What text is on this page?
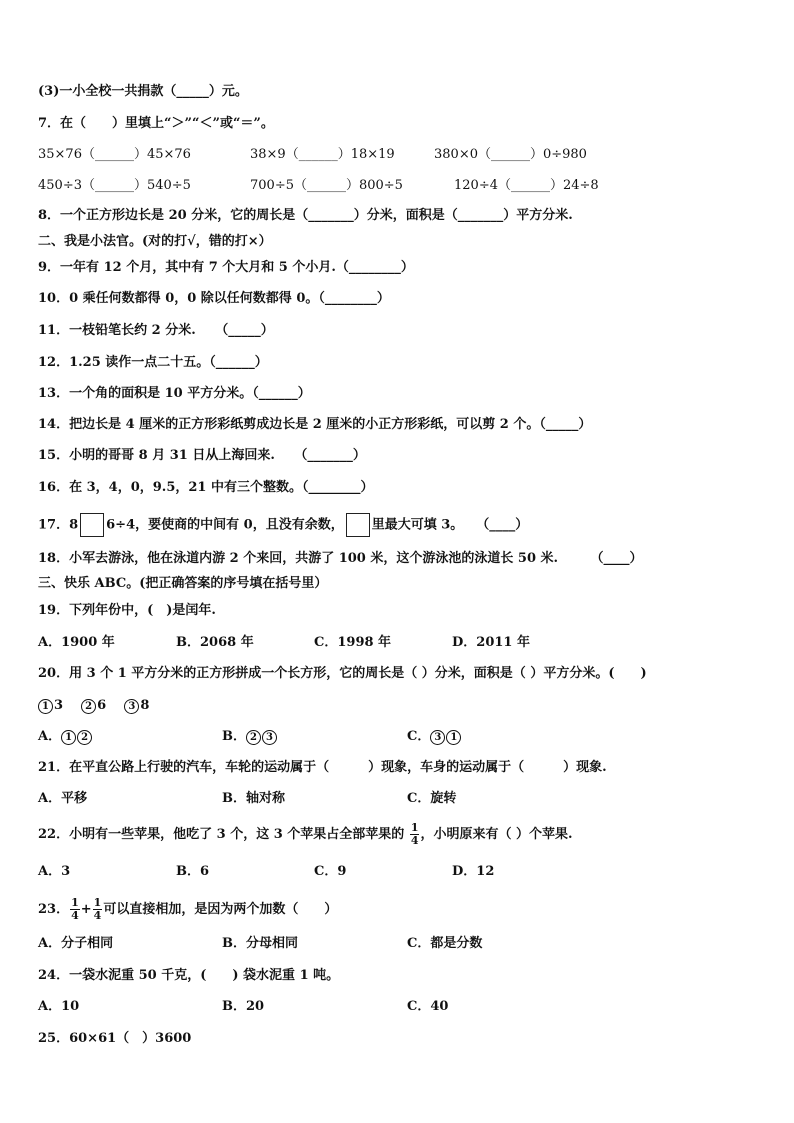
(3)一小全校一共捐款（_____）元。
7．在（　　）里填上“＞”“＜”或“＝”。
35×76（______）45×76	38×9（______）18×19	380×0（______）0÷980
450÷3（______）540÷5	700÷5（______）800÷5	120÷4（______）24÷8
8．一个正方形边长是 20 分米，它的周长是（_______）分米，面积是（_______）平方分米.
二、我是小法官。(对的打√，错的打×）
9．一年有 12 个月，其中有 7 个大月和 5 个小月.（________）
10．0 乘任何数都得 0，0 除以任何数都得 0。（________）
11．一枝铅笔长约 2 分米.　　（_____）
12．1.25 读作一点二十五。（______）
13．一个角的面积是 10 平方分米。（______）
14．把边长是 4 厘米的正方形彩纸剪成边长是 2 厘米的小正方形彩纸，可以剪 2 个。（_____）
15．小明的哥哥 8 月 31 日从上海回来.　　（_______）
16．在 3，4，0，9.5，21 中有三个整数。（________）
17．8 6÷4，要使商的中间有 0，且没有余数， 里最大可填 3。　　（____）
18．小军去游泳，他在泳道内游 2 个来回，共游了 100 米，这个游泳池的泳道长 50 米.　　　（____）
三、快乐 ABC。(把正确答案的序号填在括号里）
19．下列年份中，(　)是闰年.
A．1900 年	B．2068 年	C．1998 年	D．2011 年
20．用 3 个 1 平方分米的正方形拼成一个长方形，它的周长是（ ）分米，面积是（ ）平方分米。(　　)
1 3 2 6 3 8
A． 1 2	B． 2 3	C． 3 1
21．在平直公路上行驶的汽车，车轮的运动属于（　　　）现象，车身的运动属于（　　　）现象.
A．平移	B．轴对称	C．旋转
22．小明有一些苹果，他吃了 3 个，这 3 个苹果占全部苹果的 $\frac{1}{4}$ ，小明原来有（ ）个苹果.
A．3	B．6	C．9	D．12
23． $\frac{1}{4} + \frac{1}{4}$ 可以直接相加，是因为两个加数（　　）
A．分子相同	B．分母相同	C．都是分数
24．一袋水泥重 50 千克，(　　) 袋水泥重 1 吨。
A．10	B．20	C．40
25．60×61（　）3600
